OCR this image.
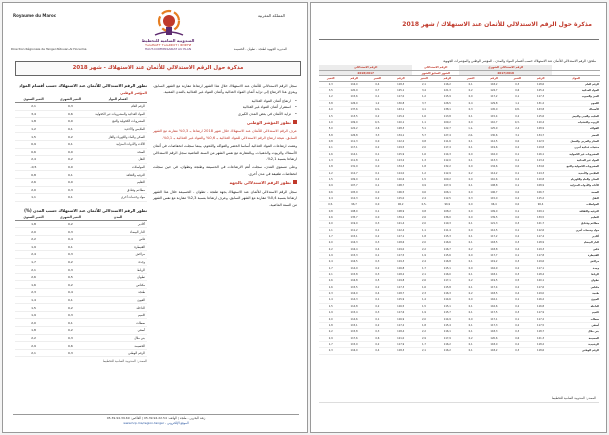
Royaume du Maroc	المملكة المغربية
المندوبية السامية للتخطيط
ⵜⴰⵏⴰⴱⴰⴹⵜ ⵜⴰⵏⴰⵎⵓⵔⵜ ⵏ ⵓⵙⵓⵖⵍ
HAUT-COMMISSARIAT AU PLAN
Direction Régionale de Tanger-Tétouan-Al Hoceima	المديرية الجهوية لطنجة - تطوان - الحسيمة
مذكرة حول الرقم الاستدلالي للأثمان عند الاستهلاك - شهر 2018

سجل الرقم الاستدلالي للأثمان عند الاستهلاك خلال هذا الشهر ارتفاعا مقارنة مع الشهر السابق، ويعزى هذا الارتفاع إلى تزايد أثمان المواد الغذائية وأثمان المواد غير الغذائية بالمدن المعنية.

• ارتفاع أثمان المواد الغذائية
• استقرار أثمان المواد غير الغذائية
• تزايد الأثمان في بعض المدن الكبرى
تطور المؤشر الوطني

عرف الرقم الاستدلالي للأثمان عند الاستهلاك خلال شهر 2018 ارتفاعا بـ 0,3% مقارنة مع الشهر السابق، نتيجة ارتفاع الرقم الاستدلالي للمواد الغذائية بـ 0,6% والمواد غير الغذائية بـ 0,1%.

وهمت ارتفاعات المواد الغذائية أساسا الخضر والفواكه واللحوم، بينما سجلت انخفاضات في أثمان الأسماك والزيوت والذهنيات. وبالمقارنة مع نفس الشهر من السنة الماضية سجل الرقم الاستدلالي ارتفاعا بنسبة 2,1%.

وعلى مستوى المدن، سجلت أهم الارتفاعات في الحسيمة وطنجة وتطوان، في حين سجلت انخفاضات طفيفة في مدن أخرى.

تطور الرقم الاستدلالي بالجهة

سجل الرقم الاستدلالي للأثمان عند الاستهلاك بجهة طنجة - تطوان - الحسيمة خلال هذا الشهر ارتفاعا بنسبة 0,4% مقارنة مع الشهر السابق. وعرف ارتفاعا بنسبة 2,3% مقارنة مع نفس الشهر من السنة الماضية.

تطور الرقم الاستدلالي للأثمان عند الاستهلاك حسب أقسام المواد
المؤشر الوطني
التغير السنوي	التغير الشهري	أقسام المواد
2,1	0,3	الرقم العام
3,4	0,6	المواد الغذائية والمشروبات غير الكحولية
1,8	0,0	المشروبات الكحولية والتبغ
1,2	0,1	الملابس والأحذية
1,5	0,2	السكن والماء والكهرباء والغاز
0,9	0,1	الأثاث والأدوات المنزلية
0,6	0,0	الصحة
2,4	0,2	النقل
-0,5	0,0	المواصلات
0,8	0,1	الترفيه والثقافة
2,6	0,0	التعليم
2,0	0,3	مطاعم وفنادق
1,1	0,1	مواد وخدمات أخرى
تطور الرقم الاستدلالي للأثمان عند الاستهلاك حسب المدن (%)
التغير السنوي	التغير الشهري	المدن
1,8	0,2	أكادير
2,0	0,3	الدار البيضاء
2,2	0,4	فاس
1,9	0,1	القنيطرة
2,4	0,3	مراكش
1,7	0,2	وجدة
2,1	0,3	الرباط
2,6	0,5	تطوان
1,6	0,2	مكناس
2,3	0,4	طنجة
1,4	0,1	العيون
1,5	0,2	الداخلة
1,9	0,3	كلميم
2,0	0,1	سطات
1,8	0,2	آسفي
2,2	0,3	بني ملال
2,9	0,6	الحسيمة
2,1	0,3	الرقم الوطني
المصدر: المندوبية السامية للتخطيط
زنقة البحرين - طنجة | الهاتف: 05.39.94.22.54 | الفاكس: 05.39.94.39.69
www.hcp.ma/region-tanger - الموقع الإلكتروني
مذكرة حول الرقم الاستدلالي للأثمان عند الاستهلاك / شهر 2018
ملحق: الرقم الاستدلالي للأثمان عند الاستهلاك حسب أقسام المواد والمدن - المؤشر الوطني والمؤشرات الجهوية
	الرقم الاستدلالي الشهري				الرقم الاستدلالي		الرقم الاستدلالي			
	2017/2018				الشهر السابق/الشهر		2018/2017			
المواد	الرقم	التغير	الرقم	التغير	الرقم	التغير	الرقم	التغير	الرقم	التغير
الرقم العام	118,6	0,3	118,2	0,1	116,2	2,1	118,3	0,4	116,0	2,3
المواد الغذائية	125,4	0,6	124,7	0,2	121,3	3,4	125,1	0,7	120,9	3,5
الخبز والحبوب	117,3	0,1	117,2	0,0	115,9	1,2	117,0	0,1	115,6	1,2
اللحوم	131,2	1,1	129,8	0,4	126,5	3,7	130,8	1,2	126,0	3,8
الأسماك	143,8	-0,8	145,0	0,3	138,1	4,1	143,1	-0,9	137,6	4,0
الحليب والجبن والبيض	115,6	0,2	115,4	0,1	113,8	1,6	115,2	0,2	113,5	1,5
الزيوت والذهنيات	110,4	-0,3	110,7	0,0	109,2	1,1	110,1	-0,3	109,0	1,0
الفواكه	128,9	2,4	125,9	-1,1	122,7	5,1	128,3	2,6	122,2	5,0
الخضر	134,7	3,1	130,6	-2,0	127,4	5,7	134,1	3,3	126,8	5,8
السكر والمربى والعسل	112,5	0,0	112,5	0,1	111,6	0,8	112,2	0,0	111,3	0,8
منتجات غذائية أخرى	119,8	0,2	119,6	0,1	117,4	2,0	119,5	0,2	117,1	2,1
المشروبات غير الكحولية	116,1	0,1	116,0	0,0	114,3	1,6	115,9	0,1	114,1	1,6
المواد غير الغذائية	113,4	0,1	113,3	0,1	112,0	1,3	113,2	0,1	111,8	1,3
المشروبات الكحولية والتبغ	134,6	0,0	134,6	0,0	132,2	1,8	134,3	0,0	131,9	1,8
الملابس والأحذية	114,3	0,1	114,2	0,2	112,9	1,2	114,0	0,1	112,7	1,2
السكن والماء والكهرباء	110,8	0,2	110,6	0,0	109,2	1,5	110,6	0,2	109,0	1,5
الأثاث والأدوات المنزلية	108,9	0,1	108,8	0,1	107,9	0,9	108,7	0,1	107,7	0,9
الصحة	106,7	0,0	106,7	0,0	106,1	0,6	106,5	0,0	105,9	0,6
النقل	115,2	0,2	115,0	0,3	112,5	2,4	115,0	0,2	112,3	2,4
المواصلات	96,4	0,0	96,4	0,0	96,9	-0,5	96,2	0,0	96,7	-0,5
الترفيه والثقافة	109,1	0,1	109,0	0,0	108,2	0,8	108,9	0,1	108,0	0,8
التعليم	139,5	0,0	139,5	0,0	136,0	2,6	139,2	0,0	135,7	2,6
مطاعم وفنادق	121,7	0,3	121,3	0,1	119,3	2,0	121,4	0,3	119,0	2,0
مواد وخدمات أخرى	112,6	0,1	112,5	0,0	111,4	1,1	112,4	0,1	111,2	1,1
أكادير	117,4	0,2	117,2	0,1	115,3	1,8	117,1	0,2	115,1	1,7
الدار البيضاء	118,9	0,3	118,5	0,1	116,6	2,0	118,6	0,3	116,3	2,0
فاس	119,3	0,4	118,8	0,2	116,7	2,2	119,0	0,4	116,4	2,2
القنيطرة	117,8	0,1	117,7	0,0	115,6	1,9	117,5	0,1	115,3	1,9
مراكش	119,6	0,3	119,2	0,1	116,8	2,4	119,3	0,3	116,5	2,4
وجدة	117,1	0,2	116,9	0,0	115,1	1,7	116,8	0,2	114,9	1,7
الرباط	118,4	0,3	118,1	0,1	116,0	2,1	118,2	0,3	115,8	2,1
تطوان	120,1	0,5	119,5	0,2	117,1	2,6	119,8	0,5	116,8	2,6
مكناس	117,6	0,2	117,4	0,1	115,8	1,6	117,3	0,2	115,5	1,6
طنجة	119,0	0,4	118,5	0,2	116,3	2,3	118,7	0,4	116,0	2,3
العيون	116,2	0,1	116,1	0,0	114,6	1,4	115,9	0,1	114,3	1,4
الداخلة	116,8	0,2	116,6	0,1	115,1	1,5	116,5	0,2	114,8	1,5
كلميم	117,9	0,3	117,5	0,1	115,7	1,9	117,6	0,3	115,4	1,9
سطات	117,2	0,1	117,1	0,0	114,9	2,0	116,9	0,1	114,6	2,0
آسفي	117,5	0,2	117,3	0,1	115,4	1,8	117,2	0,2	115,1	1,8
بني ملال	118,7	0,3	118,3	0,1	116,1	2,2	118,4	0,3	115,8	2,2
الحسيمة	121,3	0,6	120,6	0,2	117,9	2,9	121,0	0,6	117,6	2,9
الرشيدية	118,2	0,2	118,0	0,1	116,2	1,7	117,9	0,2	115,9	1,7
الرقم الوطني	118,6	0,3	118,2	0,1	116,2	2,1	118,3	0,4	116,0	2,3
المصدر: المندوبية السامية للتخطيط
